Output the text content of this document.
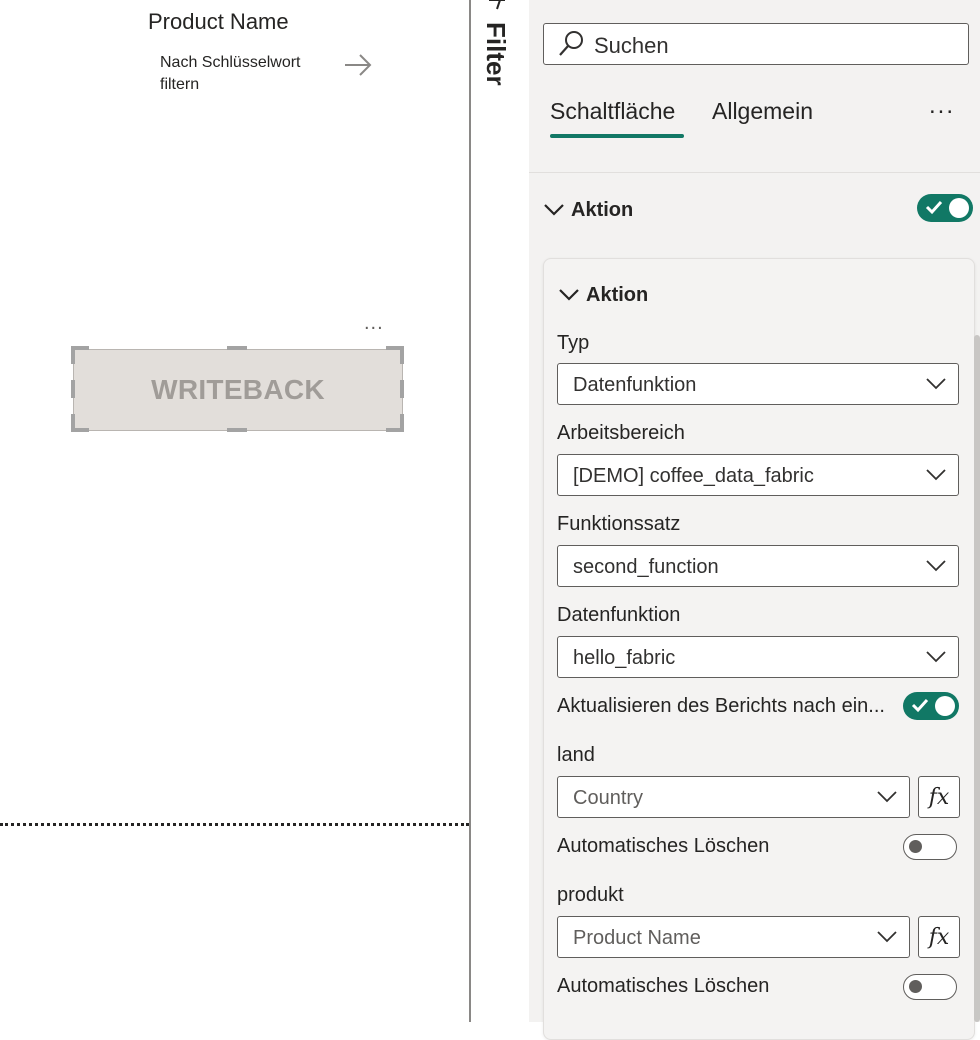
Product Name
Nach Schlüsselwort filtern
...
WRITEBACK
Filter	Suchen
Schaltfläche Allgemein	...
Aktion
Aktion
Typ
Datenfunktion
Arbeitsbereich
[DEMO] coffee_data_fabric
Funktionssatz
second_function
Datenfunktion
hello_fabric
Aktualisieren des Berichts nach ein...
land
Country	fx
Automatisches Löschen
produkt
Product Name	fx
Automatisches Löschen
